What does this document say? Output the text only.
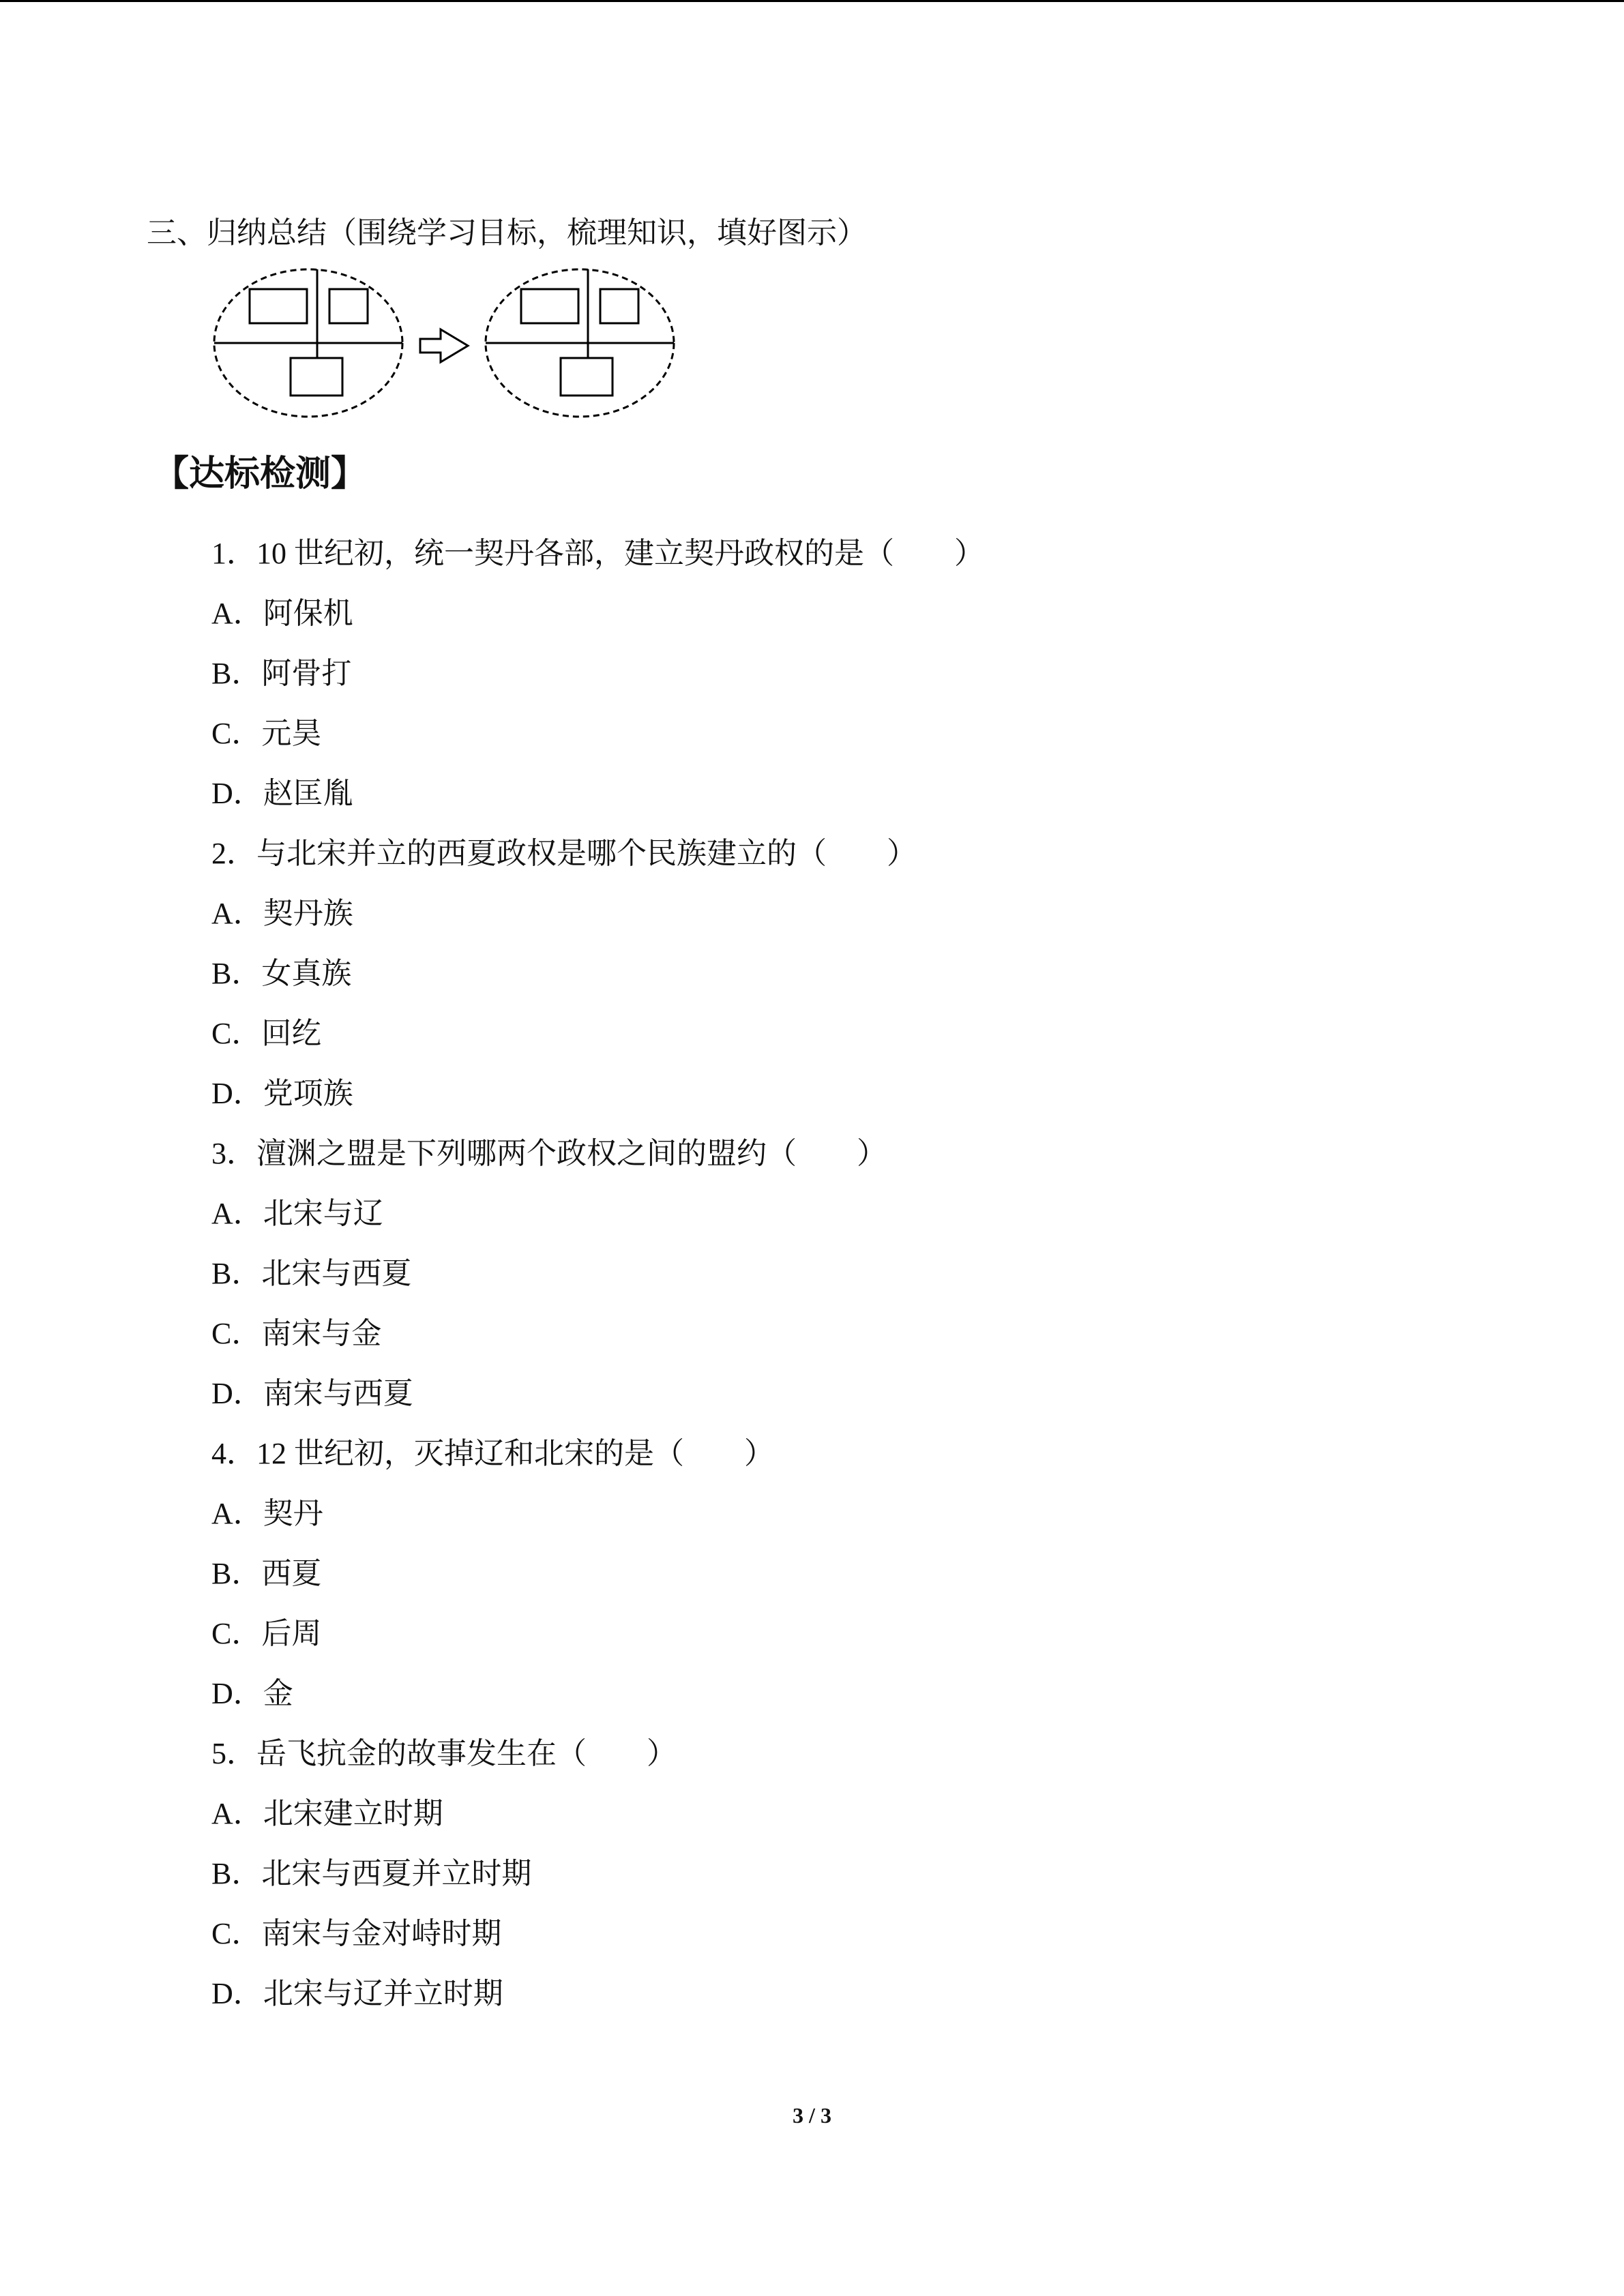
三、归纳总结（围绕学习目标，梳理知识，填好图示）
【达标检测】
1．10 世纪初，统一契丹各部，建立契丹政权的是（　　）
A．阿保机
B．阿骨打
C．元昊
D．赵匡胤
2．与北宋并立的西夏政权是哪个民族建立的（　　）
A．契丹族
B．女真族
C．回纥
D．党项族
3．澶渊之盟是下列哪两个政权之间的盟约（　　）
A．北宋与辽
B．北宋与西夏
C．南宋与金
D．南宋与西夏
4．12 世纪初，灭掉辽和北宋的是（　　）
A．契丹
B．西夏
C．后周
D．金
5．岳飞抗金的故事发生在（　　）
A．北宋建立时期
B．北宋与西夏并立时期
C．南宋与金对峙时期
D．北宋与辽并立时期
3 / 3
